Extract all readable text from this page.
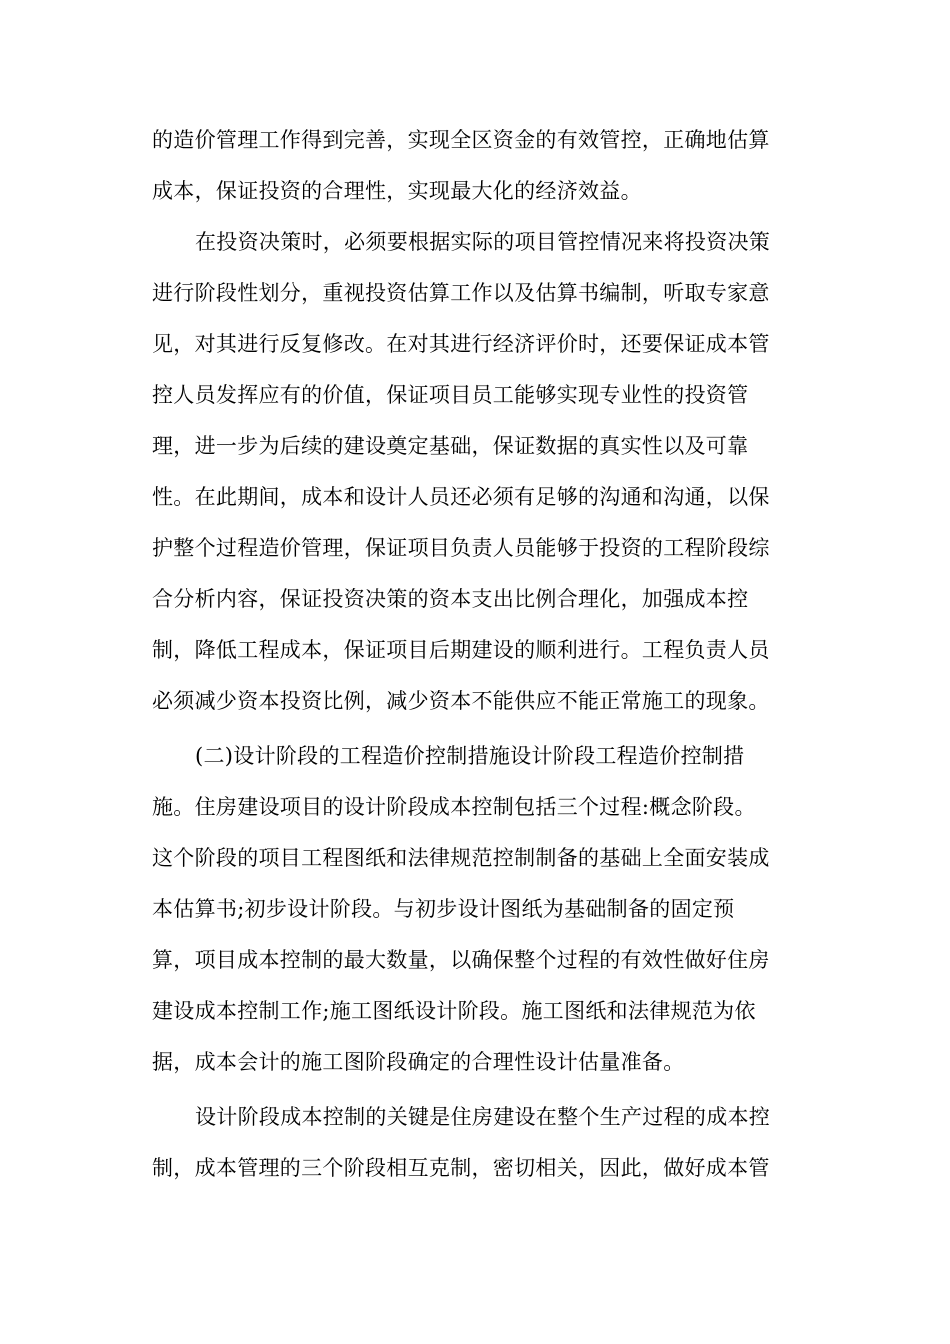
的造价管理工作得到完善，实现全区资金的有效管控，正确地估算
成本，保证投资的合理性，实现最大化的经济效益。
在投资决策时，必须要根据实际的项目管控情况来将投资决策
进行阶段性划分，重视投资估算工作以及估算书编制，听取专家意
见，对其进行反复修改。在对其进行经济评价时，还要保证成本管
控人员发挥应有的价值，保证项目员工能够实现专业性的投资管
理，进一步为后续的建设奠定基础，保证数据的真实性以及可靠
性。在此期间，成本和设计人员还必须有足够的沟通和沟通，以保
护整个过程造价管理，保证项目负责人员能够于投资的工程阶段综
合分析内容，保证投资决策的资本支出比例合理化，加强成本控
制，降低工程成本，保证项目后期建设的顺利进行。工程负责人员
必须减少资本投资比例，减少资本不能供应不能正常施工的现象。
(二)设计阶段的工程造价控制措施设计阶段工程造价控制措
施。住房建设项目的设计阶段成本控制包括三个过程:概念阶段。
这个阶段的项目工程图纸和法律规范控制制备的基础上全面安装成
本估算书;初步设计阶段。与初步设计图纸为基础制备的固定预
算，项目成本控制的最大数量，以确保整个过程的有效性做好住房
建设成本控制工作;施工图纸设计阶段。施工图纸和法律规范为依
据，成本会计的施工图阶段确定的合理性设计估量准备。
设计阶段成本控制的关键是住房建设在整个生产过程的成本控
制，成本管理的三个阶段相互克制，密切相关，因此，做好成本管
